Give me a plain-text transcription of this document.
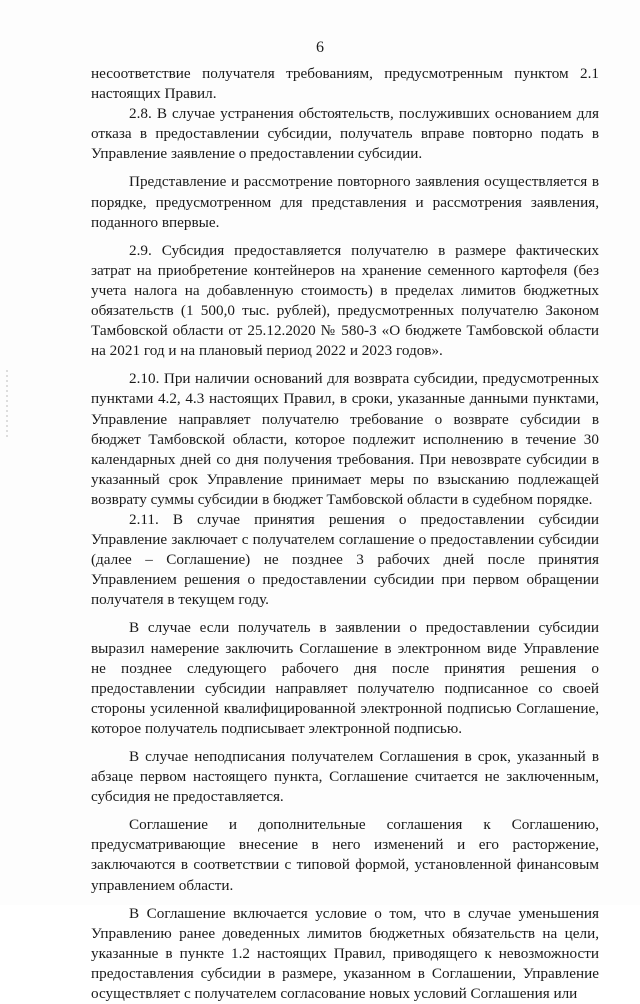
6

несоответствие получателя требованиям, предусмотренным пунктом 2.1 настоящих Правил.

2.8. В случае устранения обстоятельств, послуживших основанием для отказа в предоставлении субсидии, получатель вправе повторно подать в Управление заявление о предоставлении субсидии.

Представление и рассмотрение повторного заявления осуществляется в порядке, предусмотренном для представления и рассмотрения заявления, поданного впервые.

2.9. Субсидия предоставляется получателю в размере фактических затрат на приобретение контейнеров на хранение семенного картофеля (без учета налога на добавленную стоимость) в пределах лимитов бюджетных обязательств (1 500,0 тыс. рублей), предусмотренных получателю Законом Тамбовской области от 25.12.2020 № 580-З «О бюджете Тамбовской области на 2021 год и на плановый период 2022 и 2023 годов».

2.10. При наличии оснований для возврата субсидии, предусмотренных пунктами 4.2, 4.3 настоящих Правил, в сроки, указанные данными пунктами, Управление направляет получателю требование о возврате субсидии в бюджет Тамбовской области, которое подлежит исполнению в течение 30 календарных дней со дня получения требования. Пpи невозврате субсидии в указанный срок Управление принимает меры по взысканию подлежащей возврату суммы субсидии в бюджет Тамбовской области в судебном порядке.

2.11. В случае принятия решения о предоставлении субсидии Управление заключает с получателем соглашение о предоставлении субсидии (далее – Соглашение) не позднее 3 рабочих дней после принятия Управлением решения о предоставлении субсидии при первом обращении получателя в текущем году.

В случае если получатель в заявлении о предоставлении субсидии выразил намерение заключить Соглашение в электронном виде Управление не позднее следующего рабочего дня после принятия решения о предоставлении субсидии направляет получателю подписанное со своей стороны усиленной квалифицированной электронной подписью Соглашение, которое получатель подписывает электронной подписью.

В случае неподписания получателем Соглашения в срок, указанный в абзаце первом настоящего пункта, Соглашение считается не заключенным, субсидия не предоставляется.

Соглашение и дополнительные соглашения к Соглашению, предусматривающие внесение в него изменений и его расторжение, заключаются в соответствии с типовой формой, установленной финансовым управлением области.

В Соглашение включается условие о том, что в случае уменьшения Управлению ранее доведенных лимитов бюджетных обязательств на цели, указанные в пункте 1.2 настоящих Правил, приводящего к невозможности предоставления субсидии в размере, указанном в Соглашении, Управление осуществляет с получателем согласование новых условий Соглашения или
